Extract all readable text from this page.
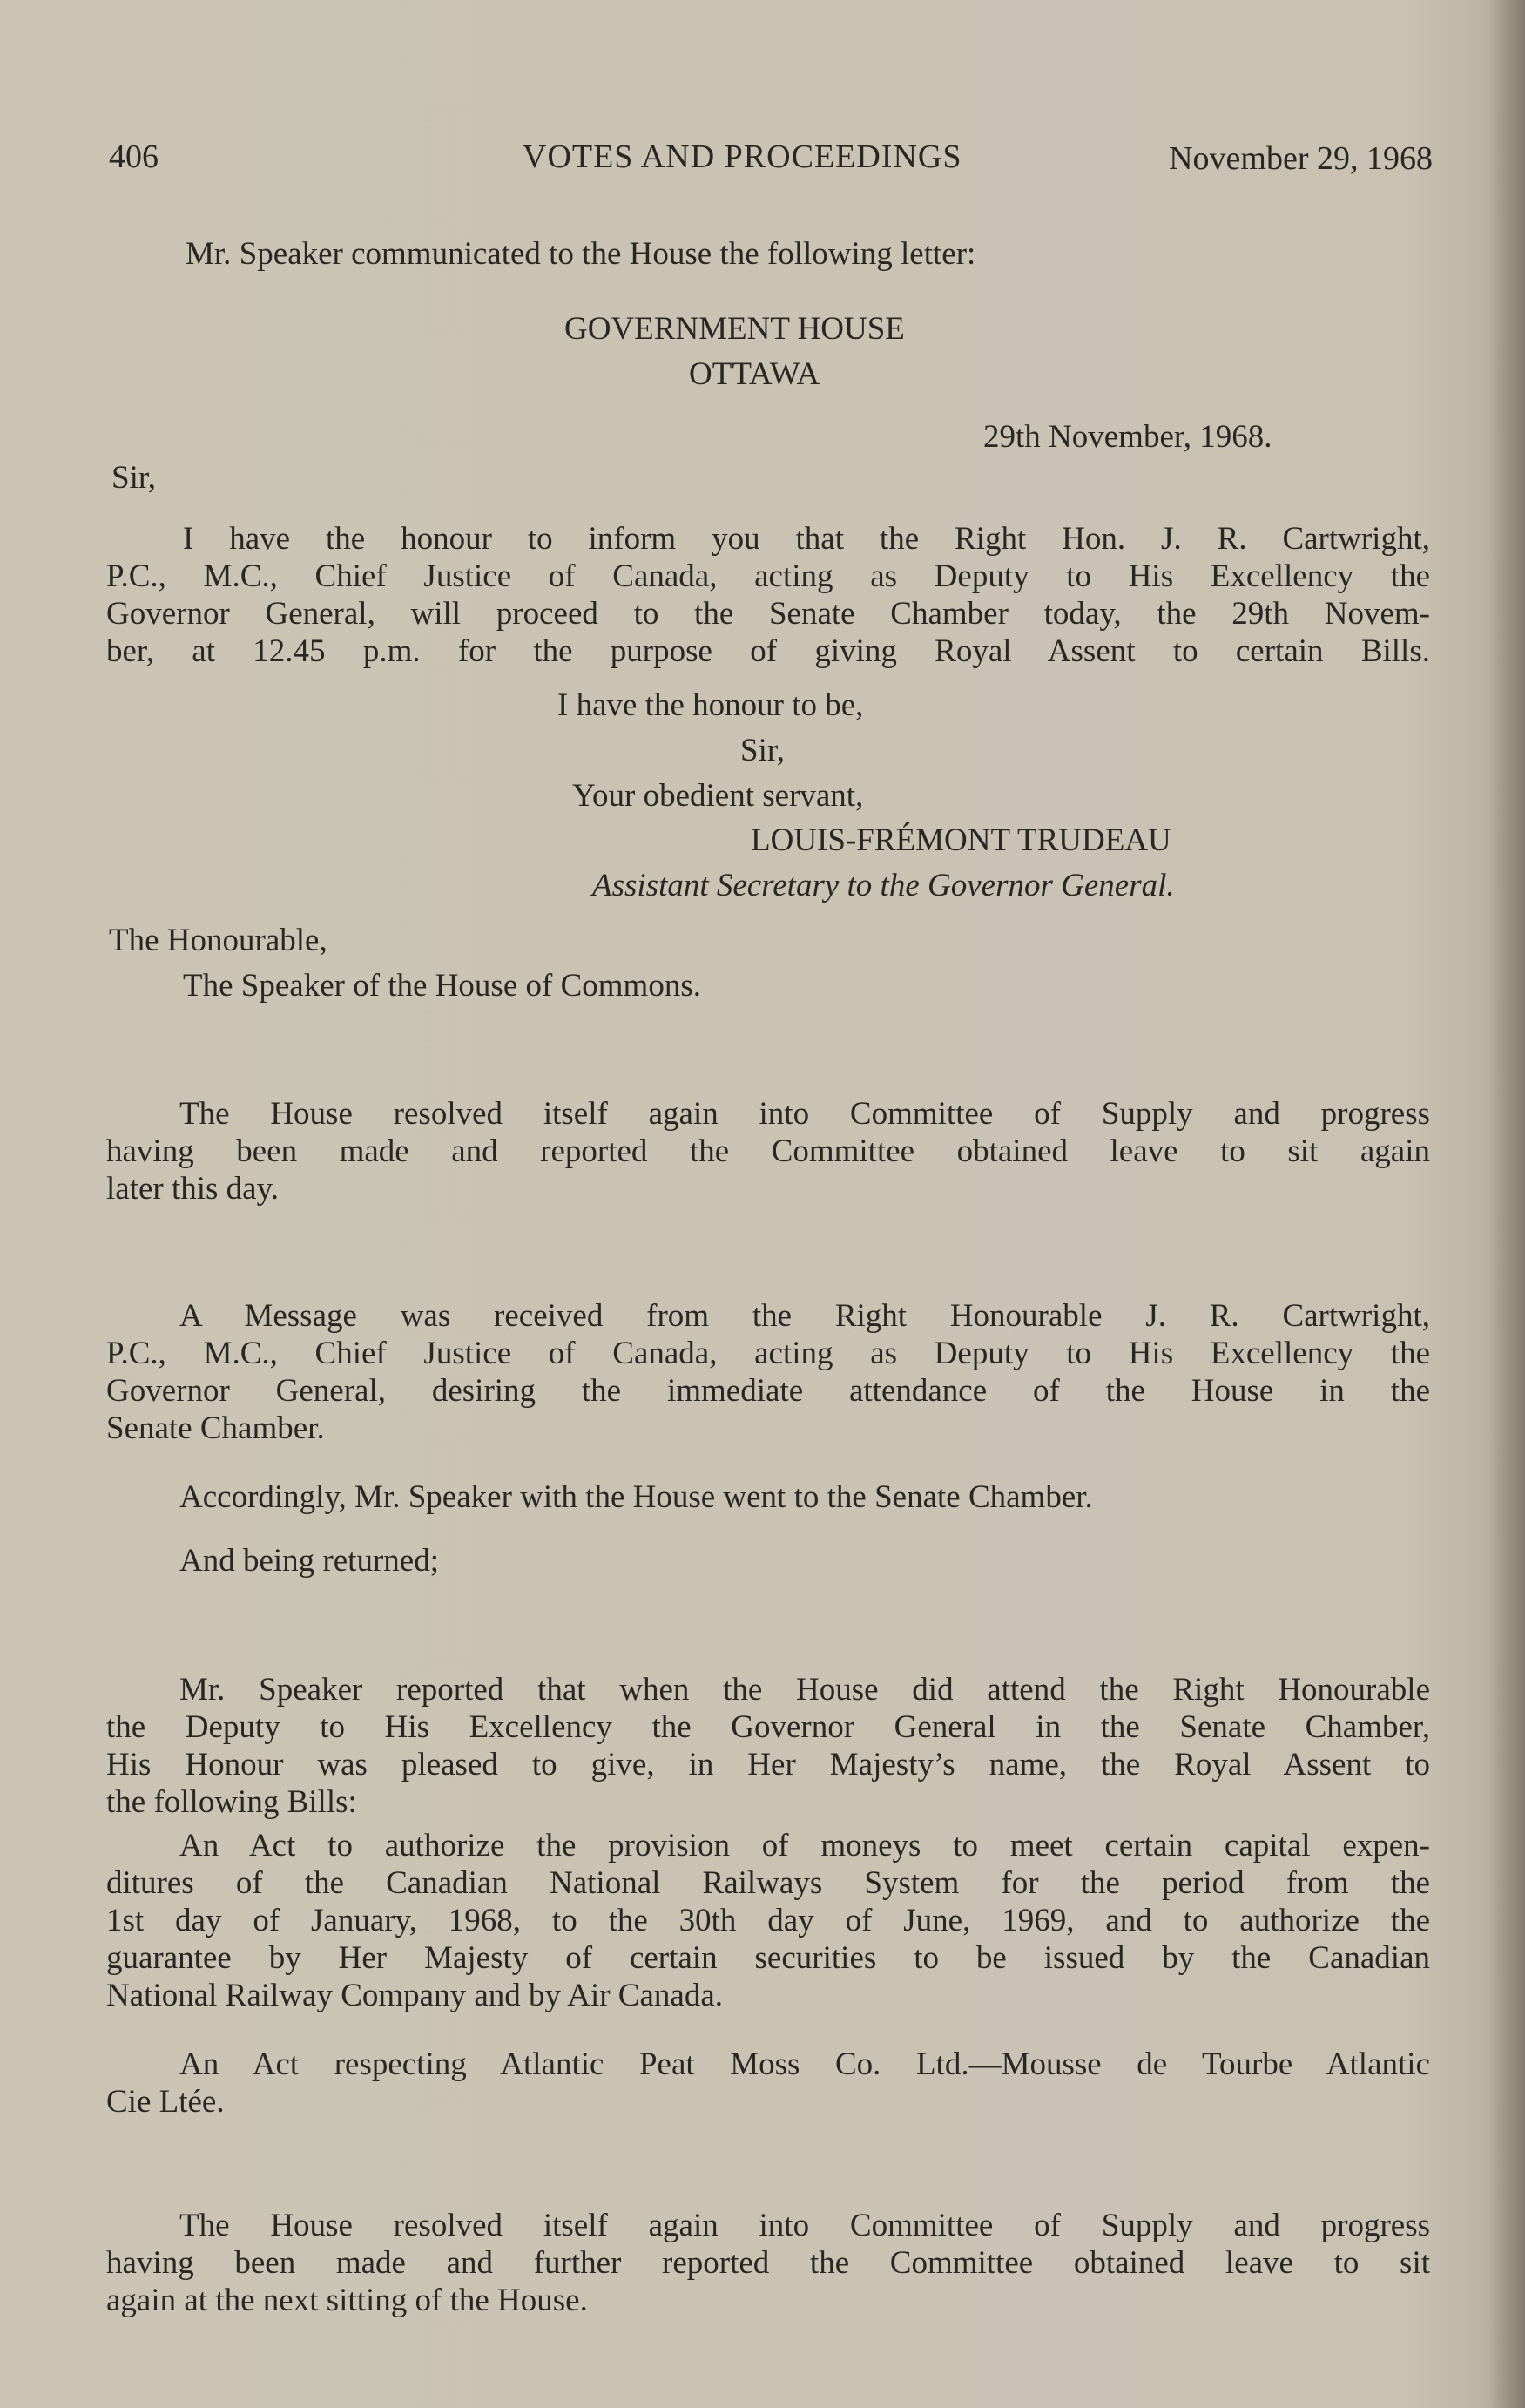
406	VOTES AND PROCEEDINGS	November 29, 1968
Mr. Speaker communicated to the House the following letter:
GOVERNMENT HOUSE
OTTAWA
29th November, 1968.
Sir,
I have the honour to inform you that the Right Hon. J. R. Cartwright,
P.C., M.C., Chief Justice of Canada, acting as Deputy to His Excellency the
Governor General, will proceed to the Senate Chamber today, the 29th Novem-
ber, at 12.45 p.m. for the purpose of giving Royal Assent to certain Bills.
I have the honour to be,
Sir,
Your obedient servant,
LOUIS-FRÉMONT TRUDEAU
Assistant Secretary to the Governor General.
The Honourable,
The Speaker of the House of Commons.
The House resolved itself again into Committee of Supply and progress
having been made and reported the Committee obtained leave to sit again
later this day.
A Message was received from the Right Honourable J. R. Cartwright,
P.C., M.C., Chief Justice of Canada, acting as Deputy to His Excellency the
Governor General, desiring the immediate attendance of the House in the
Senate Chamber.
Accordingly, Mr. Speaker with the House went to the Senate Chamber.
And being returned;
Mr. Speaker reported that when the House did attend the Right Honourable
the Deputy to His Excellency the Governor General in the Senate Chamber,
His Honour was pleased to give, in Her Majesty’s name, the Royal Assent to
the following Bills:
An Act to authorize the provision of moneys to meet certain capital expen-
ditures of the Canadian National Railways System for the period from the
1st day of January, 1968, to the 30th day of June, 1969, and to authorize the
guarantee by Her Majesty of certain securities to be issued by the Canadian
National Railway Company and by Air Canada.
An Act respecting Atlantic Peat Moss Co. Ltd.—Mousse de Tourbe Atlantic
Cie Ltée.
The House resolved itself again into Committee of Supply and progress
having been made and further reported the Committee obtained leave to sit
again at the next sitting of the House.
